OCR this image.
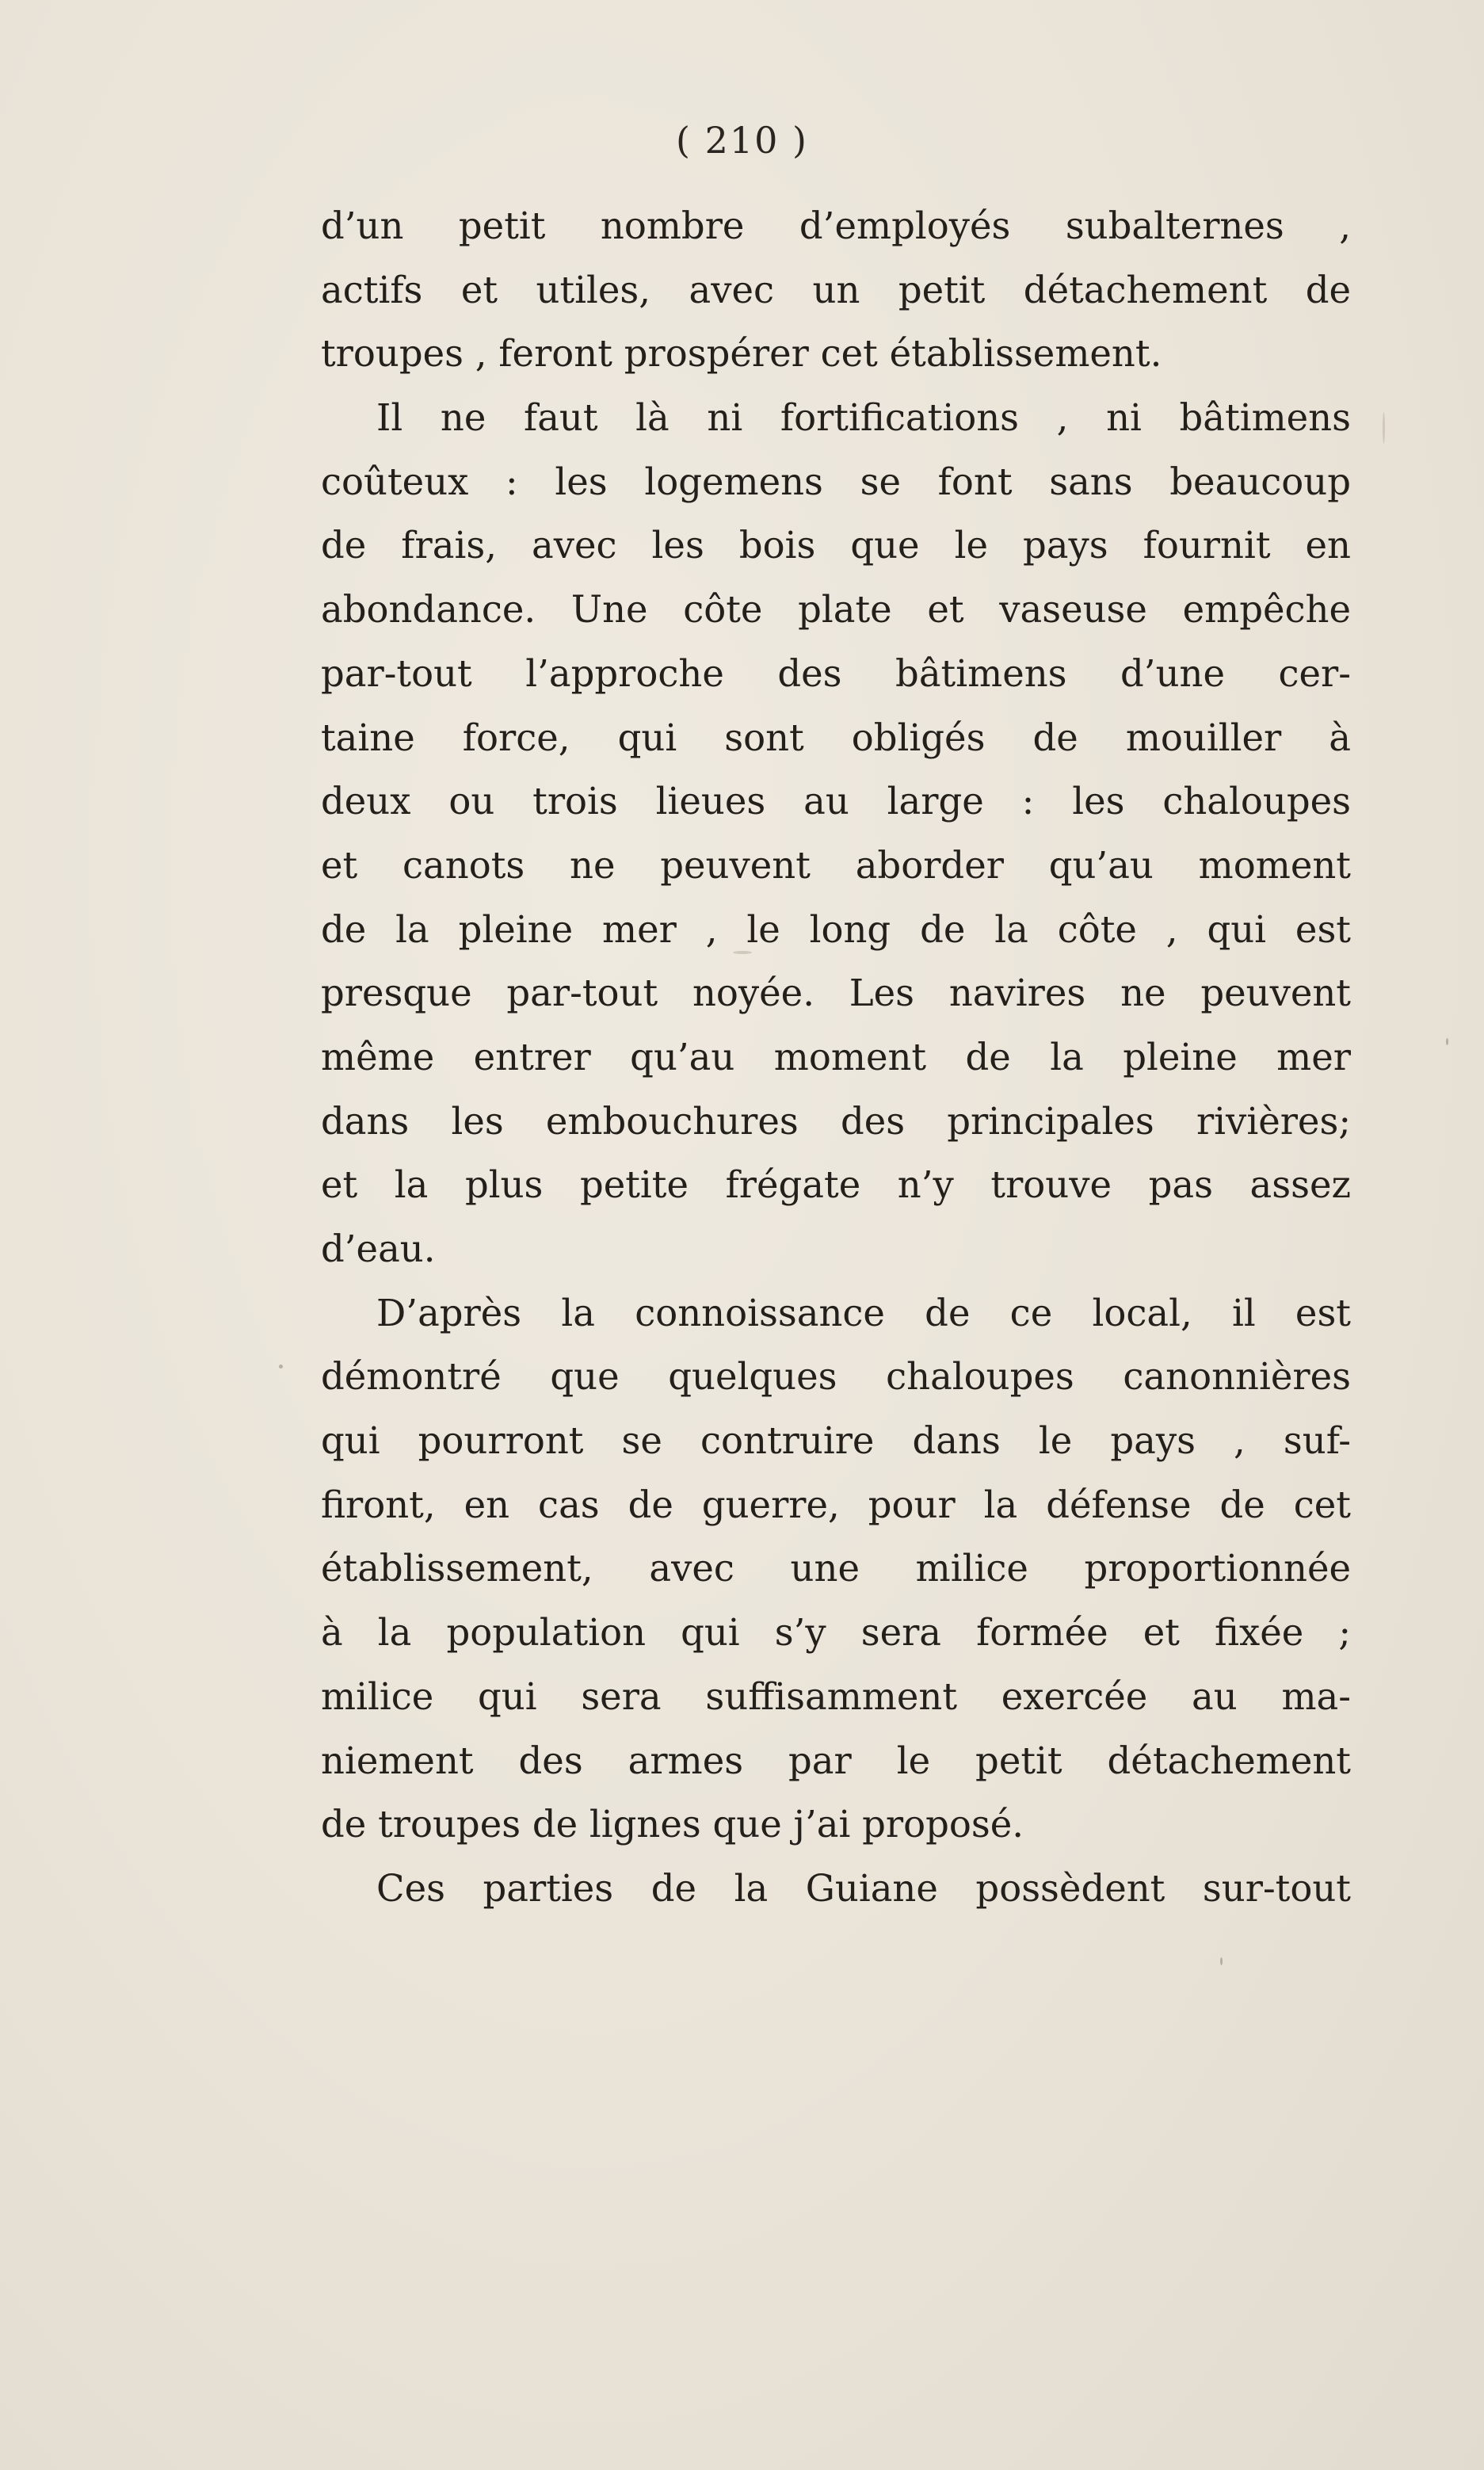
( 210 )
d’un petit nombre d’employés subalternes ,
actifs et utiles, avec un petit détachement de
troupes , feront prospérer cet établissement.
Il ne faut là ni fortifications , ni bâtimens
coûteux : les logemens se font sans beaucoup
de frais, avec les bois que le pays fournit en
abondance. Une côte plate et vaseuse empêche
par-tout l’approche des bâtimens d’une cer-
taine force, qui sont obligés de mouiller à
deux ou trois lieues au large : les chaloupes
et canots ne peuvent aborder qu’au moment
de la pleine mer , le long de la côte , qui est
presque par-tout noyée. Les navires ne peuvent
même entrer qu’au moment de la pleine mer
dans les embouchures des principales rivières;
et la plus petite frégate n’y trouve pas assez
d’eau.
D’après la connoissance de ce local, il est
démontré que quelques chaloupes canonnières
qui pourront se contruire dans le pays , suf-
firont, en cas de guerre, pour la défense de cet
établissement, avec une milice proportionnée
à la population qui s’y sera formée et fixée ;
milice qui sera suffisamment exercée au ma-
niement des armes par le petit détachement
de troupes de lignes que j’ai proposé.
Ces parties de la Guiane possèdent sur-tout
